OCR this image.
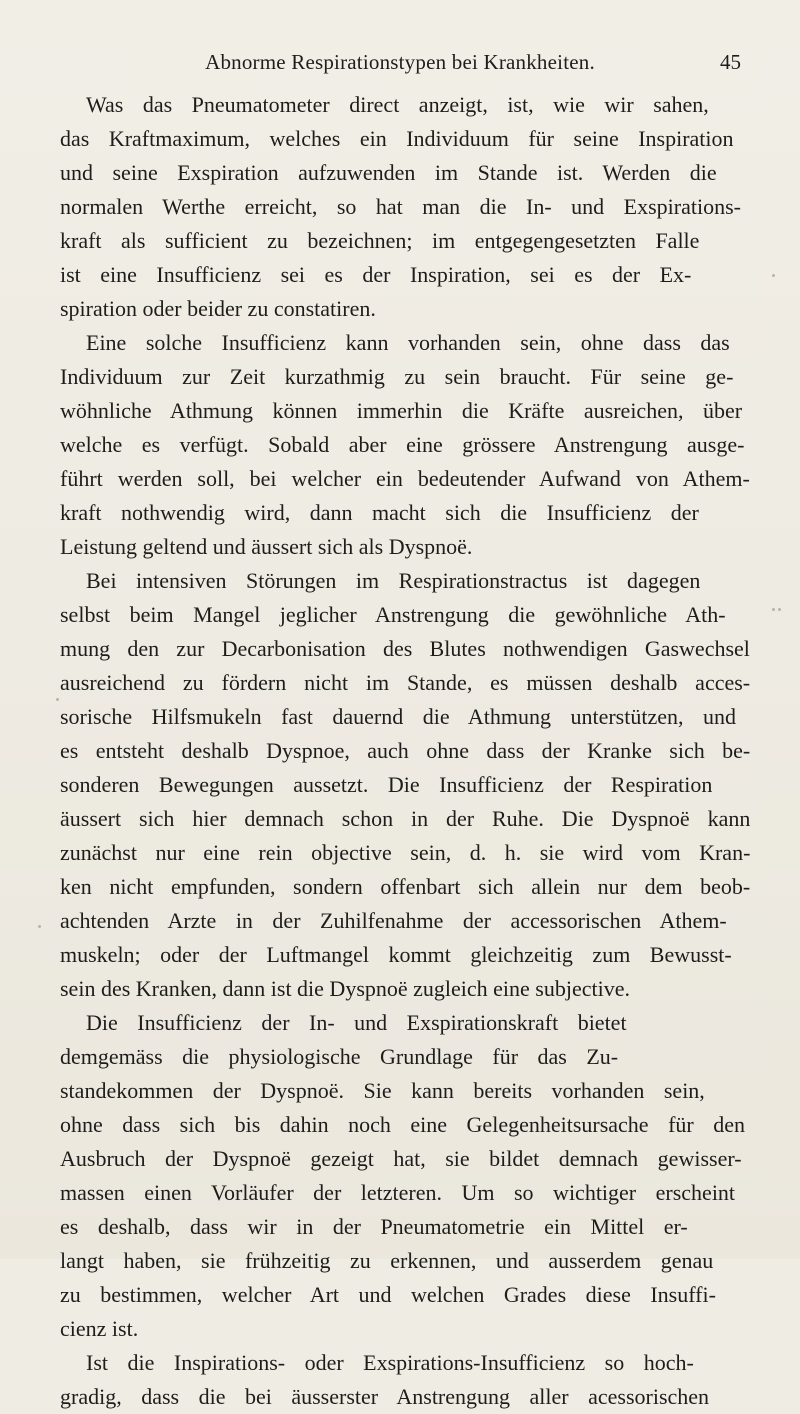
Abnorme Respirationstypen bei Krankheiten.	45
Was das Pneumatometer direct anzeigt, ist, wie wir sahen,
das Kraftmaximum, welches ein Individuum für seine Inspiration
und seine Exspiration aufzuwenden im Stande ist. Werden die
normalen Werthe erreicht, so hat man die In- und Exspirations-
kraft als sufficient zu bezeichnen; im entgegengesetzten Falle
ist eine Insufficienz sei es der Inspiration, sei es der Ex-
spiration oder beider zu constatiren.
Eine solche Insufficienz kann vorhanden sein, ohne dass das
Individuum zur Zeit kurzathmig zu sein braucht. Für seine ge-
wöhnliche Athmung können immerhin die Kräfte ausreichen, über
welche es verfügt. Sobald aber eine grössere Anstrengung ausge-
führt werden soll, bei welcher ein bedeutender Aufwand von Athem-
kraft nothwendig wird, dann macht sich die Insufficienz der
Leistung geltend und äussert sich als Dyspnoë.
Bei intensiven Störungen im Respirationstractus ist dagegen
selbst beim Mangel jeglicher Anstrengung die gewöhnliche Ath-
mung den zur Decarbonisation des Blutes nothwendigen Gaswechsel
ausreichend zu fördern nicht im Stande, es müssen deshalb acces-
sorische Hilfsmukeln fast dauernd die Athmung unterstützen, und
es entsteht deshalb Dyspnoe, auch ohne dass der Kranke sich be-
sonderen Bewegungen aussetzt. Die Insufficienz der Respiration
äussert sich hier demnach schon in der Ruhe. Die Dyspnoë kann
zunächst nur eine rein objective sein, d. h. sie wird vom Kran-
ken nicht empfunden, sondern offenbart sich allein nur dem beob-
achtenden Arzte in der Zuhilfenahme der accessorischen Athem-
muskeln; oder der Luftmangel kommt gleichzeitig zum Bewusst-
sein des Kranken, dann ist die Dyspnoë zugleich eine subjective.
Die Insufficienz der In- und Exspirationskraft bietet
demgemäss die physiologische Grundlage für das Zu-
standekommen der Dyspnoë. Sie kann bereits vorhanden sein,
ohne dass sich bis dahin noch eine Gelegenheitsursache für den
Ausbruch der Dyspnoë gezeigt hat, sie bildet demnach gewisser-
massen einen Vorläufer der letzteren. Um so wichtiger erscheint
es deshalb, dass wir in der Pneumatometrie ein Mittel er-
langt haben, sie frühzeitig zu erkennen, und ausserdem genau
zu bestimmen, welcher Art und welchen Grades diese Insuffi-
cienz ist.
Ist die Inspirations- oder Exspirations-Insufficienz so hoch-
gradig, dass die bei äusserster Anstrengung aller acessorischen
